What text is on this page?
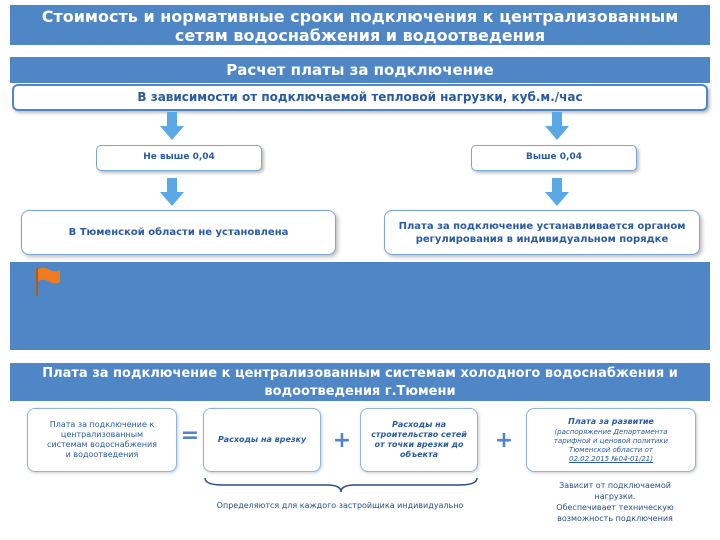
Стоимость и нормативные сроки подключения к централизованным
сетям водоснабжения и водоотведения
Расчет платы за подключение
В зависимости от подключаемой тепловой нагрузки, куб.м./час
Не выше 0,04	Выше 0,04
В Тюменской области не установлена
Плата за подключение устанавливается органом
регулирования в индивидуальном порядке
Плата за подключение к централизованным системам холодного водоснабжения и
водоотведения г.Тюмени
Плата за подключение к
централизованным
системам водоснабжения
и водоотведения
=	Расходы на врезку	+
Расходы на
строительство сетей
от точки врезки до
объекта
+
Плата за развитие
(распоряжение Департамента
тарифной и ценовой политики
Тюменской области от
02.02.2015 №04-01/21)
Определяются для каждого застройщика индивидуально
Зависит от подключаемой
нагрузки.
Обеспечивает техническую
возможность подключения
